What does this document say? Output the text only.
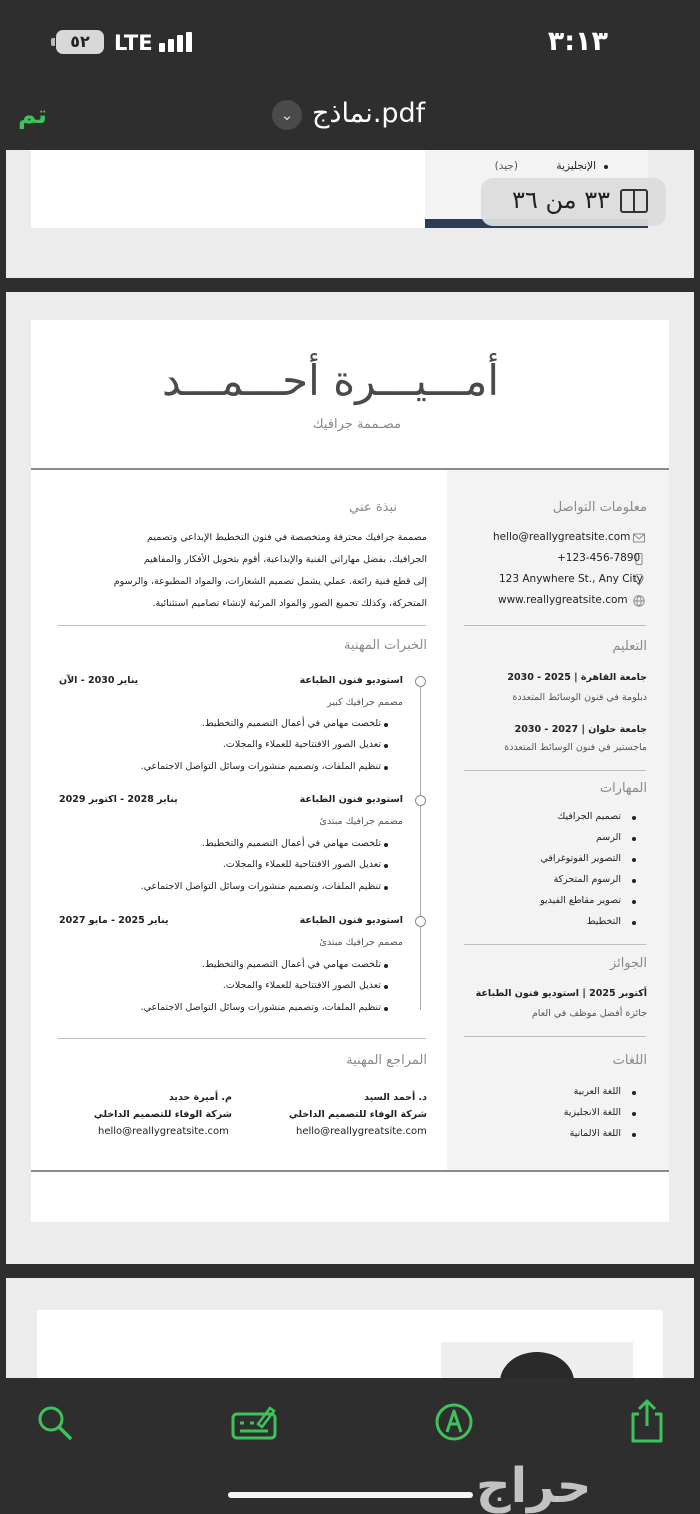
٣:١٣
٥٢	LTE
تم	⌄ نماذج.pdf
الإنجليزية
(جيد)
٣٣ من ٣٦
أمـــيـــرة أحـــمـــد
مصـممة جرافيك
معلومات التواصل
hello@reallygreatsite.com
+123-456-7890
123 Anywhere St., Any City
www.reallygreatsite.com
التعليم
جامعة القاهرة | 2025 - 2030
دبلومة في فنون الوسائط المتعددة
جامعة حلوان | 2027 - 2030
ماجستير في فنون الوسائط المتعددة
المهارات
تصميم الجرافيك
الرسم
التصوير الفوتوغرافي
الرسوم المتحركة
تصوير مقاطع الفيديو
التخطيط
الجوائز
أكتوبر 2025 | استوديو فنون الطباعة
جائزة أفضل موظف في العام
اللغات
اللغة العربية
اللغة الانجليزية
اللغة الالمانية
نبذة عني
مصممة جرافيك محترفة ومتخصصة في فنون التخطيط الإبداعي وتصميم
الجرافيك. بفضل مهاراتي الفنية والإبداعية، أقوم بتحويل الأفكار والمفاهيم
إلى قطع فنية رائعة. عملي يشمل تصميم الشعارات، والمواد المطبوعة، والرسوم
المتحركة، وكذلك تجميع الصور والمواد المرئية لإنشاء تصاميم استثنائية.
الخبرات المهنية
استوديو فنون الطباعة
يناير 2030 - الآن
مصمم جرافيك كبير
تلخصت مهامي في أعمال التصميم والتخطيط.
تعديل الصور الافتتاحية للعملاء والمجلات.
تنظيم الملفات، وتصميم منشورات وسائل التواصل الاجتماعي.
استوديو فنون الطباعة
يناير 2028 - اكتوبر 2029
مصمم جرافيك مبتدئ
تلخصت مهامي في أعمال التصميم والتخطيط.
تعديل الصور الافتتاحية للعملاء والمجلات.
تنظيم الملفات، وتصميم منشورات وسائل التواصل الاجتماعي.
استوديو فنون الطباعة
يناير 2025 - مايو 2027
مصمم جرافيك مبتدئ
تلخصت مهامي في أعمال التصميم والتخطيط.
تعديل الصور الافتتاحية للعملاء والمجلات.
تنظيم الملفات، وتصميم منشورات وسائل التواصل الاجتماعي.
المراجع المهنية
د. أحمد السيد
شركة الوفاء للتصميم الداخلي
hello@reallygreatsite.com
م. أميرة حديد
شركة الوفاء للتصميم الداخلي
hello@reallygreatsite.com
حراج
